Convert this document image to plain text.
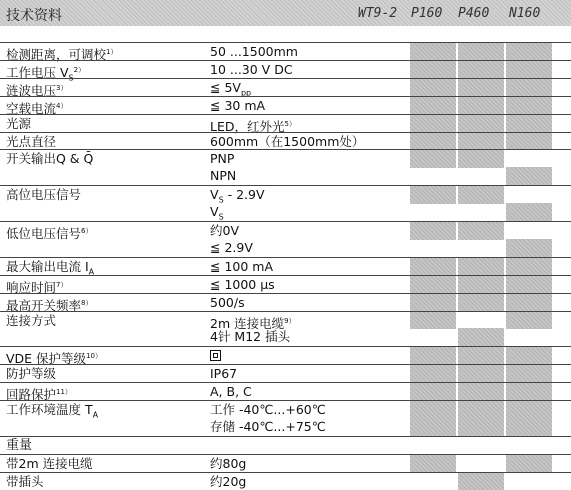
技术资料	WT9-2 P160 P460 N160
检测距离，可调校$^{1)}$	50 ...1500mm
工作电压 $V_S^{2)}$	10 ...30 V DC
涟波电压$^{3)}$	≦ $5V_{pp}$
空载电流$^{4)}$	≦ 30 mA
光源	LED，红外光$^{5)}$
光点直径	600mm（在1500mm处）
开关输出Q & Q̄	PNP
NPN
高位电压信号	$V_S - 2.9V$
$V_S$
低位电压信号$^{6)}$	约0V
≦ 2.9V
最大输出电流 $I_A$	≦ 100 mA
响应时间$^{7)}$	≦ 1000 μs
最高开关频率$^{8)}$	500/s
连接方式	2m 连接电缆$^{9)}$
4针 M12 插头
VDE 保护等级$^{10)}$
防护等级	IP67
回路保护$^{11)}$	A, B, C
工作环境温度 $T_A$	工作 -40℃...+60℃
存储 -40℃...+75℃
重量
带2m 连接电缆	约80g
带插头	约20g
